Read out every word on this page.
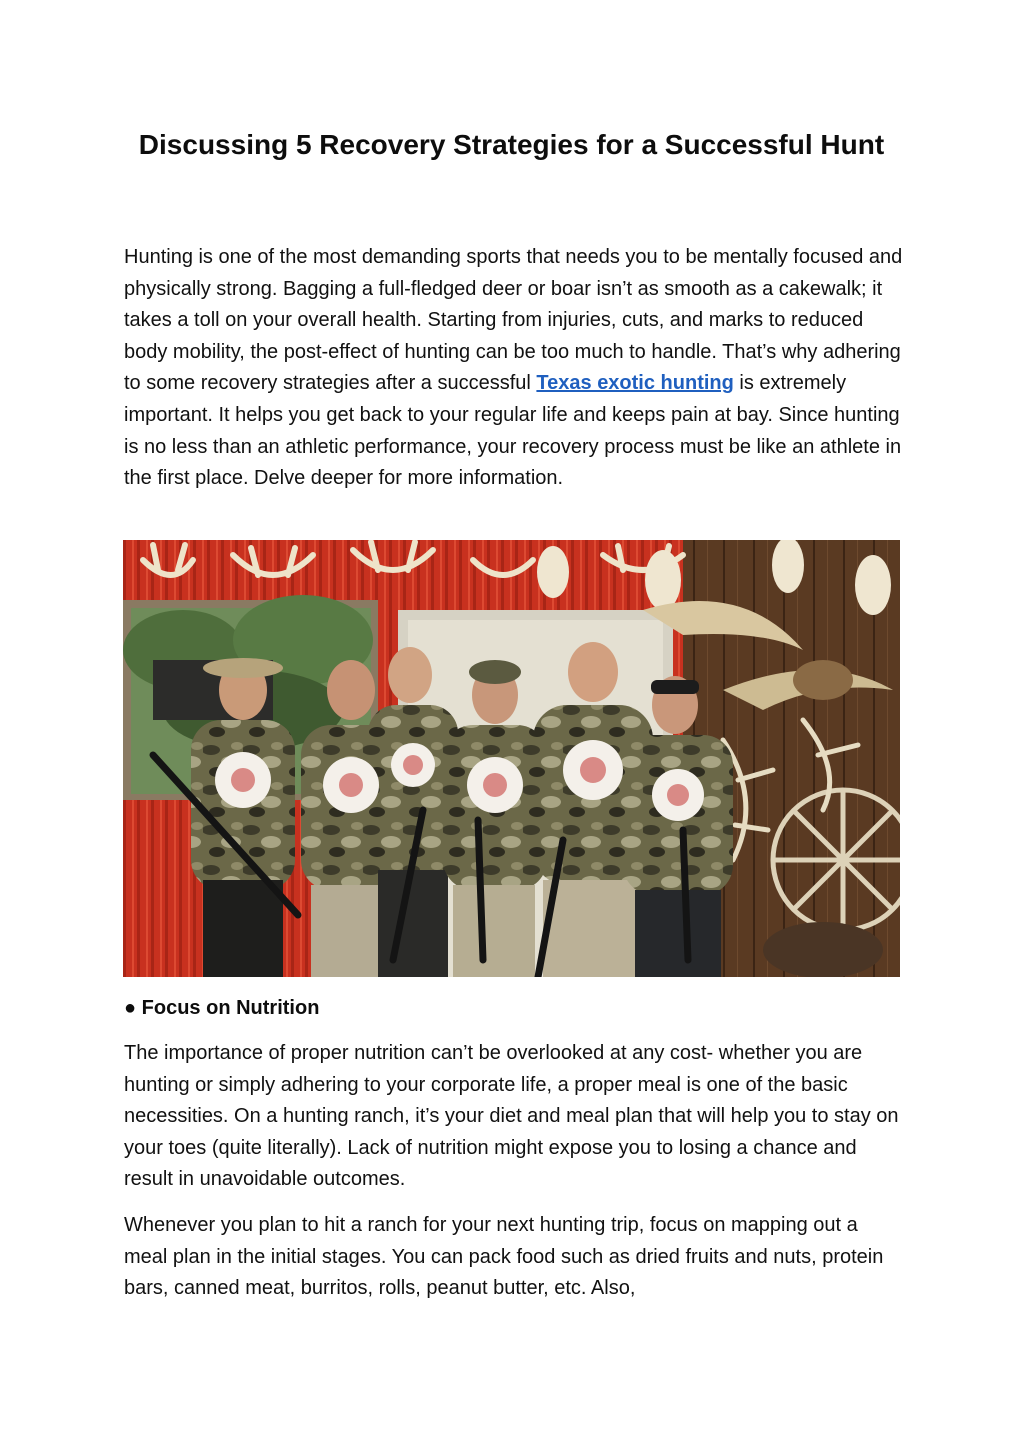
Discussing 5 Recovery Strategies for a Successful Hunt

Hunting is one of the most demanding sports that needs you to be mentally focused and physically strong. Bagging a full-fledged deer or boar isn’t as smooth as a cakewalk; it takes a toll on your overall health. Starting from injuries, cuts, and marks to reduced body mobility, the post-effect of hunting can be too much to handle. That’s why adhering to some recovery strategies after a successful Texas exotic hunting is extremely important. It helps you get back to your regular life and keeps pain at bay. Since hunting is no less than an athletic performance, your recovery process must be like an athlete in the first place. Delve deeper for more information.

● Focus on Nutrition

The importance of proper nutrition can’t be overlooked at any cost- whether you are hunting or simply adhering to your corporate life, a proper meal is one of the basic necessities. On a hunting ranch, it’s your diet and meal plan that will help you to stay on your toes (quite literally). Lack of nutrition might expose you to losing a chance and result in unavoidable outcomes.

Whenever you plan to hit a ranch for your next hunting trip, focus on mapping out a meal plan in the initial stages. You can pack food such as dried fruits and nuts, protein bars, canned meat, burritos, rolls, peanut butter, etc. Also,
